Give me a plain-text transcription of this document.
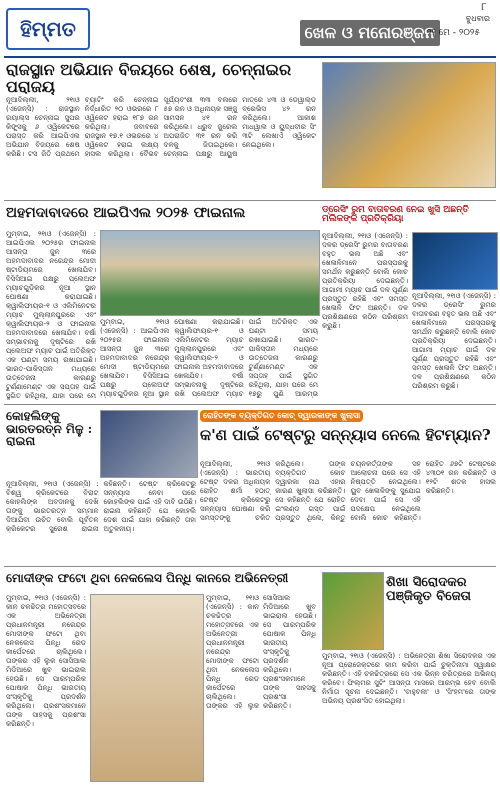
ହିମ୍ମତ	ଖେଳ ଓ ମନୋରଞ୍ଜନ
ବୁଧବାର
୨୨ ମେ - ୨୦୨୫
୮
ରାଜସ୍ଥାନ ଅଭିଯାନ ବିଜୟରେ ଶେଷ, ଚେନ୍ନାଇର ପରାଜୟ
ନୂଆଦିଲ୍ଲୀ, ୨୧ାଓ (ଏଜେନ୍ସି) : ରାଜସ୍ଥାନ ରୟାଲ୍ସ ଚେନ୍ନାଇ ସୁପର କିଙ୍ଗ୍ସକୁ ୬ ଓ୍ୱିକେଟରେ ପରାସ୍ତ କରି ଆଇପିଏଲ ଅଭିଯାନ ବିଜୟରେ ଶେଷ କରିଛି। ଟସ ଜିତି ପ୍ରଥମେ ବ୍ୟାଟିଂ କରି ଚେନ୍ନାଇ ନିର୍ଦ୍ଧାରିତ ୨୦ ଓଭରରେ ୮ ଓ୍ୱିକେଟ ହରାଇ ୧୮୭ ରନ କରିଥିଲା। ଜବାବରେ ରାଜସ୍ଥାନ ୧୭.୧ ଓଭରରେ ୪ ଓ୍ୱିକେଟ ହରାଇ ଲକ୍ଷ୍ୟ ହାସଲ କରିଥିଲା। ବୈଭବ ସୂର୍ଯ୍ୟବଂଶୀ ୩୩ ବଲରେ ୫୭ ରନ ଓ ଅଧିନାୟକ ସଞ୍ଜୁ ସାମସନ ୪୧ ରନ କରିଥିଲେ। ଧ୍ରୁବ ଜୁରେଲ ଅପରାଜିତ ୩୧ ରନ କରି ଦଳକୁ ଜିତାଇଥିଲେ। ଚେନ୍ନାଇ ପକ୍ଷରୁ ଆୟୁଷ ମାତ୍ରେ ୪୩ ଓ ଡେୱାଲ୍ଡ ବ୍ରେଭିସ ୪୨ ରନ କରିଥିଲେ। ଆକାଶ ମାଧୱାଲ ଓ ୟୁଦ୍ଧବୀର ସିଂ ୩ଟି ଲେଖାଏଁ ଓ୍ୱିକେଟ ନେଇଥିଲେ।
ଅହମଦାବାଦରେ ଆଇପିଏଲ ୨୦୨୫ ଫାଇନାଲ
ମୁମ୍ବାଇ, ୨୧ାଓ (ଏଜେନ୍ସି) : ଆଇପିଏଲ ୨୦୨୫ର ଫାଇନାଲ ଆସନ୍ତା ଜୁନ ୩ରେ ଅହମଦାବାଦର ନରେନ୍ଦ୍ର ମୋଦୀ ଷ୍ଟାଡିୟମରେ ଖେଳାଯିବ। ବିସିସିଆଇ ପକ୍ଷରୁ ପ୍ଲେଅଫ ମ୍ୟାଚଗୁଡ଼ିକର ନୂଆ ସ୍ଥାନ ଘୋଷଣା କରାଯାଇଛି। କ୍ୱାଲିଫାୟର-୧ ଓ ଏଲିମିନେଟର ମ୍ୟାଚ ମୁଲ୍ଲାନପୁରରେ ଏବଂ କ୍ୱାଲିଫାୟର-୨ ଓ ଫାଇନାଲ ଅହମଦାବାଦରେ ଖେଳାଯିବ। ବର୍ଷା ସମ୍ଭାବନାକୁ ଦୃଷ୍ଟିରେ ରଖି ପ୍ଲେଅଫ ମ୍ୟାଚ ପାଇଁ ଅତିରିକ୍ତ ଏକ ଘଣ୍ଟା ସମୟ ରଖାଯାଇଛି। ଭାରତ-ପାକିସ୍ତାନ ମଧ୍ୟରେ ଉତ୍ତେଜନା କାରଣରୁ ଟୁର୍ଣ୍ଣାମେଣ୍ଟ ଏକ ସପ୍ତାହ ପାଇଁ ସ୍ଥଗିତ ରହିଥିଲା, ଯାହା ପରେ ମେ
ମୁମ୍ବାଇ, ୨୧ାଓ (ଏଜେନ୍ସି) : ଆଇପିଏଲ ୨୦୨୫ର ଫାଇନାଲ ଆସନ୍ତା ଜୁନ ୩ରେ ଅହମଦାବାଦର ନରେନ୍ଦ୍ର ମୋଦୀ ଷ୍ଟାଡିୟମରେ ଖେଳାଯିବ। ବିସିସିଆଇ ପକ୍ଷରୁ ପ୍ଲେଅଫ ମ୍ୟାଚଗୁଡ଼ିକର ନୂଆ ସ୍ଥାନ ଘୋଷଣା କରାଯାଇଛି। କ୍ୱାଲିଫାୟର-୧ ଓ ଏଲିମିନେଟର ମ୍ୟାଚ ମୁଲ୍ଲାନପୁରରେ ଏବଂ କ୍ୱାଲିଫାୟର-୨ ଓ ଫାଇନାଲ ଅହମଦାବାଦରେ ଖେଳାଯିବ। ବର୍ଷା ସମ୍ଭାବନାକୁ ଦୃଷ୍ଟିରେ ରଖି ପ୍ଲେଅଫ ମ୍ୟାଚ ପାଇଁ ଅତିରିକ୍ତ ଏକ ଘଣ୍ଟା ସମୟ ରଖାଯାଇଛି। ଭାରତ-ପାକିସ୍ତାନ ମଧ୍ୟରେ ଉତ୍ତେଜନା କାରଣରୁ ଟୁର୍ଣ୍ଣାମେଣ୍ଟ ଏକ ସପ୍ତାହ ପାଇଁ ସ୍ଥଗିତ ରହିଥିଲା, ଯାହା ପରେ ମେ ୧୭ରୁ ପୁଣି ଆରମ୍ଭ
ଡ୍ରେସିଂ ରୁମ ବାତାବରଣ ନେଇ ଖୁସି ଅଛନ୍ତି ମଲିକଙ୍କ ପ୍ରତିକ୍ରିୟା
ନୂଆଦିଲ୍ଲୀ, ୨୧ାଓ (ଏଜେନ୍ସି) : ଦଳର ଡ୍ରେସିଂ ରୁମର ବାତାବରଣ ବହୁତ ଭଲ ଅଛି ଏବଂ ଖେଳାଳିମାନେ ପରସ୍ପରକୁ ସମର୍ଥନ କରୁଛନ୍ତି ବୋଲି କୋଚ ପ୍ରତିକ୍ରିୟା ଦେଇଛନ୍ତି। ଆଗାମୀ ମ୍ୟାଚ ପାଇଁ ଦଳ ପୂର୍ଣ୍ଣ ପ୍ରସ୍ତୁତ ରହିଛି ଏବଂ ସମସ୍ତ ଖେଳାଳି ଫିଟ ଅଛନ୍ତି। ଦଳ ପ୍ରଶିକ୍ଷଣରେ କଠିନ ପରିଶ୍ରମ କରୁଛି।
ନୂଆଦିଲ୍ଲୀ, ୨୧ାଓ (ଏଜେନ୍ସି) : ଦଳର ଡ୍ରେସିଂ ରୁମର ବାତାବରଣ ବହୁତ ଭଲ ଅଛି ଏବଂ ଖେଳାଳିମାନେ ପରସ୍ପରକୁ ସମର୍ଥନ କରୁଛନ୍ତି ବୋଲି କୋଚ ପ୍ରତିକ୍ରିୟା ଦେଇଛନ୍ତି। ଆଗାମୀ ମ୍ୟାଚ ପାଇଁ ଦଳ ପୂର୍ଣ୍ଣ ପ୍ରସ୍ତୁତ ରହିଛି ଏବଂ ସମସ୍ତ ଖେଳାଳି ଫିଟ ଅଛନ୍ତି। ଦଳ ପ୍ରଶିକ୍ଷଣରେ କଠିନ ପରିଶ୍ରମ କରୁଛି।
କୋହଲିଙ୍କୁ ଭାରତରତ୍ନ ମିଳୁ : ରାଇନା
ନୂଆଦିଲ୍ଲୀ, ୨୧ାଓ (ଏଜେନ୍ସି) : ବିଶ୍ୱ କ୍ରିକେଟରେ ବିରାଟ କୋହଲିଙ୍କ ଅବଦାନକୁ ଦେଖି ତାଙ୍କୁ ଭାରତରତ୍ନ ସମ୍ମାନ ଦିଆଯିବା ଉଚିତ ବୋଲି ପୂର୍ବତନ କ୍ରିକେଟର ସୁରେଶ ରାଇନା କହିଛନ୍ତି। ଟେଷ୍ଟ କ୍ରିକେଟରୁ ସନ୍ନ୍ୟାସ ନେବା ପରେ କୋହଲିଙ୍କ ପାଇଁ ଏହି ଦାବି ଉଠିଛି। ରାଇନା କହିଛନ୍ତି ଯେ କୋହଲି ଦେଶ ପାଇଁ ଯାହା କରିଛନ୍ତି ତାହା ଅତୁଳନୀୟ।
ରୋହିତଙ୍କ ବ୍ୟକ୍ତିଗତ କୋଚ୍ ଦ୍ୱାରକାଙ୍କ ଖୁଲାସା
କ'ଣ ପାଇଁ ଟେଷ୍ଟରୁ ସନ୍ନ୍ୟାସ ନେଲେ ହିଟମ୍ୟାନ?
ନୂଆଦିଲ୍ଲୀ, ୨୧ାଓ (ଏଜେନ୍ସି) : ଭାରତୀୟ ଟେଷ୍ଟ ଦଳର ଅଧିନାୟକ ରୋହିତ ଶର୍ମା ହଠାତ୍ ଟେଷ୍ଟ କ୍ରିକେଟରୁ ସନ୍ନ୍ୟାସ ଘୋଷଣା କରି ସମସ୍ତଙ୍କୁ ଚକିତ କରିଥିଲେ। ତାଙ୍କ ବ୍ୟକ୍ତିଗତ କୋଚ ଦ୍ୱାରକା ନାଥ ଏହାର କାରଣ ଖୁଲାସା କରିଛନ୍ତି। ସେ କହିଛନ୍ତି ଯେ ରୋହିତ ଇଂଲଣ୍ଡ ଗସ୍ତ ପାଇଁ ପ୍ରସ୍ତୁତ ଥିଲେ, କିନ୍ତୁ ଚୟନକର୍ତ୍ତାଙ୍କ ସହ ଆଲୋଚନା ପରେ ସେ ଏହି ନିଷ୍ପତ୍ତି ନେଇଥିଲେ। ୟୁବ ଖେଳାଳିଙ୍କୁ ସୁଯୋଗ ଦେବା ପାଇଁ ସେ ଏହି ପଦକ୍ଷେପ ନେଇଥିଲେ ବୋଲି କୋଚ କହିଛନ୍ତି। ରୋହିତ ୬୭ଟି ଟେଷ୍ଟରେ ୪୩୦୧ ରନ କରିଛନ୍ତି ଓ ୧୨ଟି ଶତକ ହାସଲ କରିଛନ୍ତି।
ମୋଦୀଙ୍କ ଫଟୋ ଥିବା ନେକଲେସ ପିନ୍ଧି କାନରେ ଅଭିନେତ୍ରୀ
ମୁମ୍ବାଇ, ୨୧ାଓ (ଏଜେନ୍ସି) : କାନ ଚଳଚ୍ଚିତ୍ର ମହୋତ୍ସବରେ ଏକ ଅଭିନେତ୍ରୀ ପ୍ରଧାନମନ୍ତ୍ରୀ ନରେନ୍ଦ୍ର ମୋଦୀଙ୍କ ଫଟୋ ଥିବା ନେକଲେସ ପିନ୍ଧି ରେଡ କାର୍ପେଟରେ ଚାଲିଥିଲେ। ତାଙ୍କର ଏହି ଲୁକ ସୋସିଆଲ ମିଡିଆରେ ଖୁବ ଭାଇରାଲ ହେଉଛି। ସେ ପାରମ୍ପରିକ ପୋଷାକ ପିନ୍ଧି ଭାରତୀୟ ସଂସ୍କୃତିକୁ ପ୍ରଦର୍ଶନ କରିଥିଲେ। ପ୍ରଶଂସକମାନେ ତାଙ୍କ ସାହସକୁ ପ୍ରଶଂସା କରିଛନ୍ତି।
ମୁମ୍ବାଇ, ୨୧ାଓ (ଏଜେନ୍ସି) : କାନ ଚଳଚ୍ଚିତ୍ର ମହୋତ୍ସବରେ ଏକ ଅଭିନେତ୍ରୀ ପ୍ରଧାନମନ୍ତ୍ରୀ ନରେନ୍ଦ୍ର ମୋଦୀଙ୍କ ଫଟୋ ଥିବା ନେକଲେସ ପିନ୍ଧି ରେଡ କାର୍ପେଟରେ ଚାଲିଥିଲେ। ତାଙ୍କର ଏହି ଲୁକ ସୋସିଆଲ ମିଡିଆରେ ଖୁବ ଭାଇରାଲ ହେଉଛି। ସେ ପାରମ୍ପରିକ ପୋଷାକ ପିନ୍ଧି ଭାରତୀୟ ସଂସ୍କୃତିକୁ ପ୍ରଦର୍ଶନ କରିଥିଲେ। ପ୍ରଶଂସକମାନେ ତାଙ୍କ ସାହସକୁ ପ୍ରଶଂସା କରିଛନ୍ତି।
ଶିଖା ସିରୋଦକର ପଞ୍ଜିକୃତ ବିଜେତା
ମୁମ୍ବାଇ, ୨୧ାଓ (ଏଜେନ୍ସି) : ଅଭିନେତ୍ରୀ ଶିଖା ସିରୋଦକର ଏକ ନୂଆ ପ୍ରୋଜେକ୍ଟରେ କାମ କରିବା ପାଇଁ ଚୁକ୍ତିନାମା ସ୍ୱାକ୍ଷର କରିଛନ୍ତି। ଏହି ଚଳଚ୍ଚିତ୍ରରେ ସେ ଏକ ଭିନ୍ନ ଚରିତ୍ରରେ ଅଭିନୟ କରିବେ। ଫିଲ୍ମର ସୁଟିଂ ଆସନ୍ତା ମାସରେ ଆରମ୍ଭ ହେବ ବୋଲି ନିର୍ମାତା ସୂଚନା ଦେଇଛନ୍ତି। 'ବାହୁବଳୀ' ଓ 'ସିଂହମ'ରେ ତାଙ୍କ ଅଭିନୟ ପ୍ରଶଂସିତ ହୋଇଥିଲା।
